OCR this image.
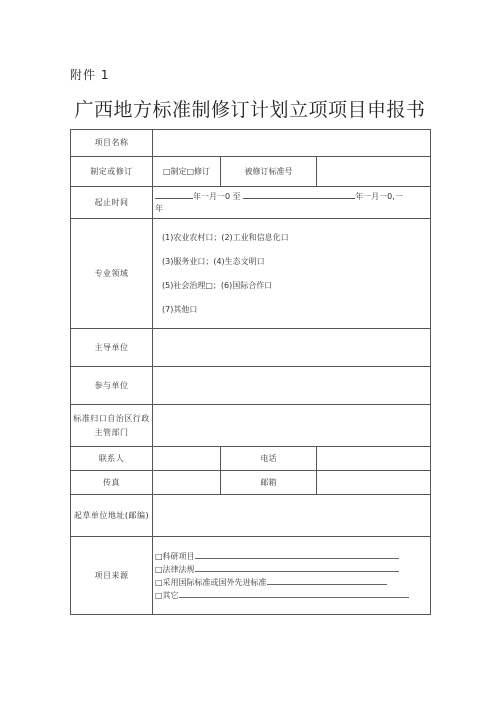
附件 1
广西地方标准制修订计划立项项目申报书
项目名称			
制定或修订	□制定□修订	被修订标准号	
起止时间	年一月一0 至 年一月一0,一
年		
专业领域	(1)农业农村口；(2)工业和信息化口
(3)服务业口；(4)生态文明口
(5)社会治理□；(6)国际合作口
(7)其他口		

主导单位			
参与单位			
标准归口自治区行政主管部门			
联系人		电话	
传真		邮箱	
起草单位地址(邮编)			
项目来源	□科研项目
□法律法规
□采用国际标准或国外先进标准
□其它		
